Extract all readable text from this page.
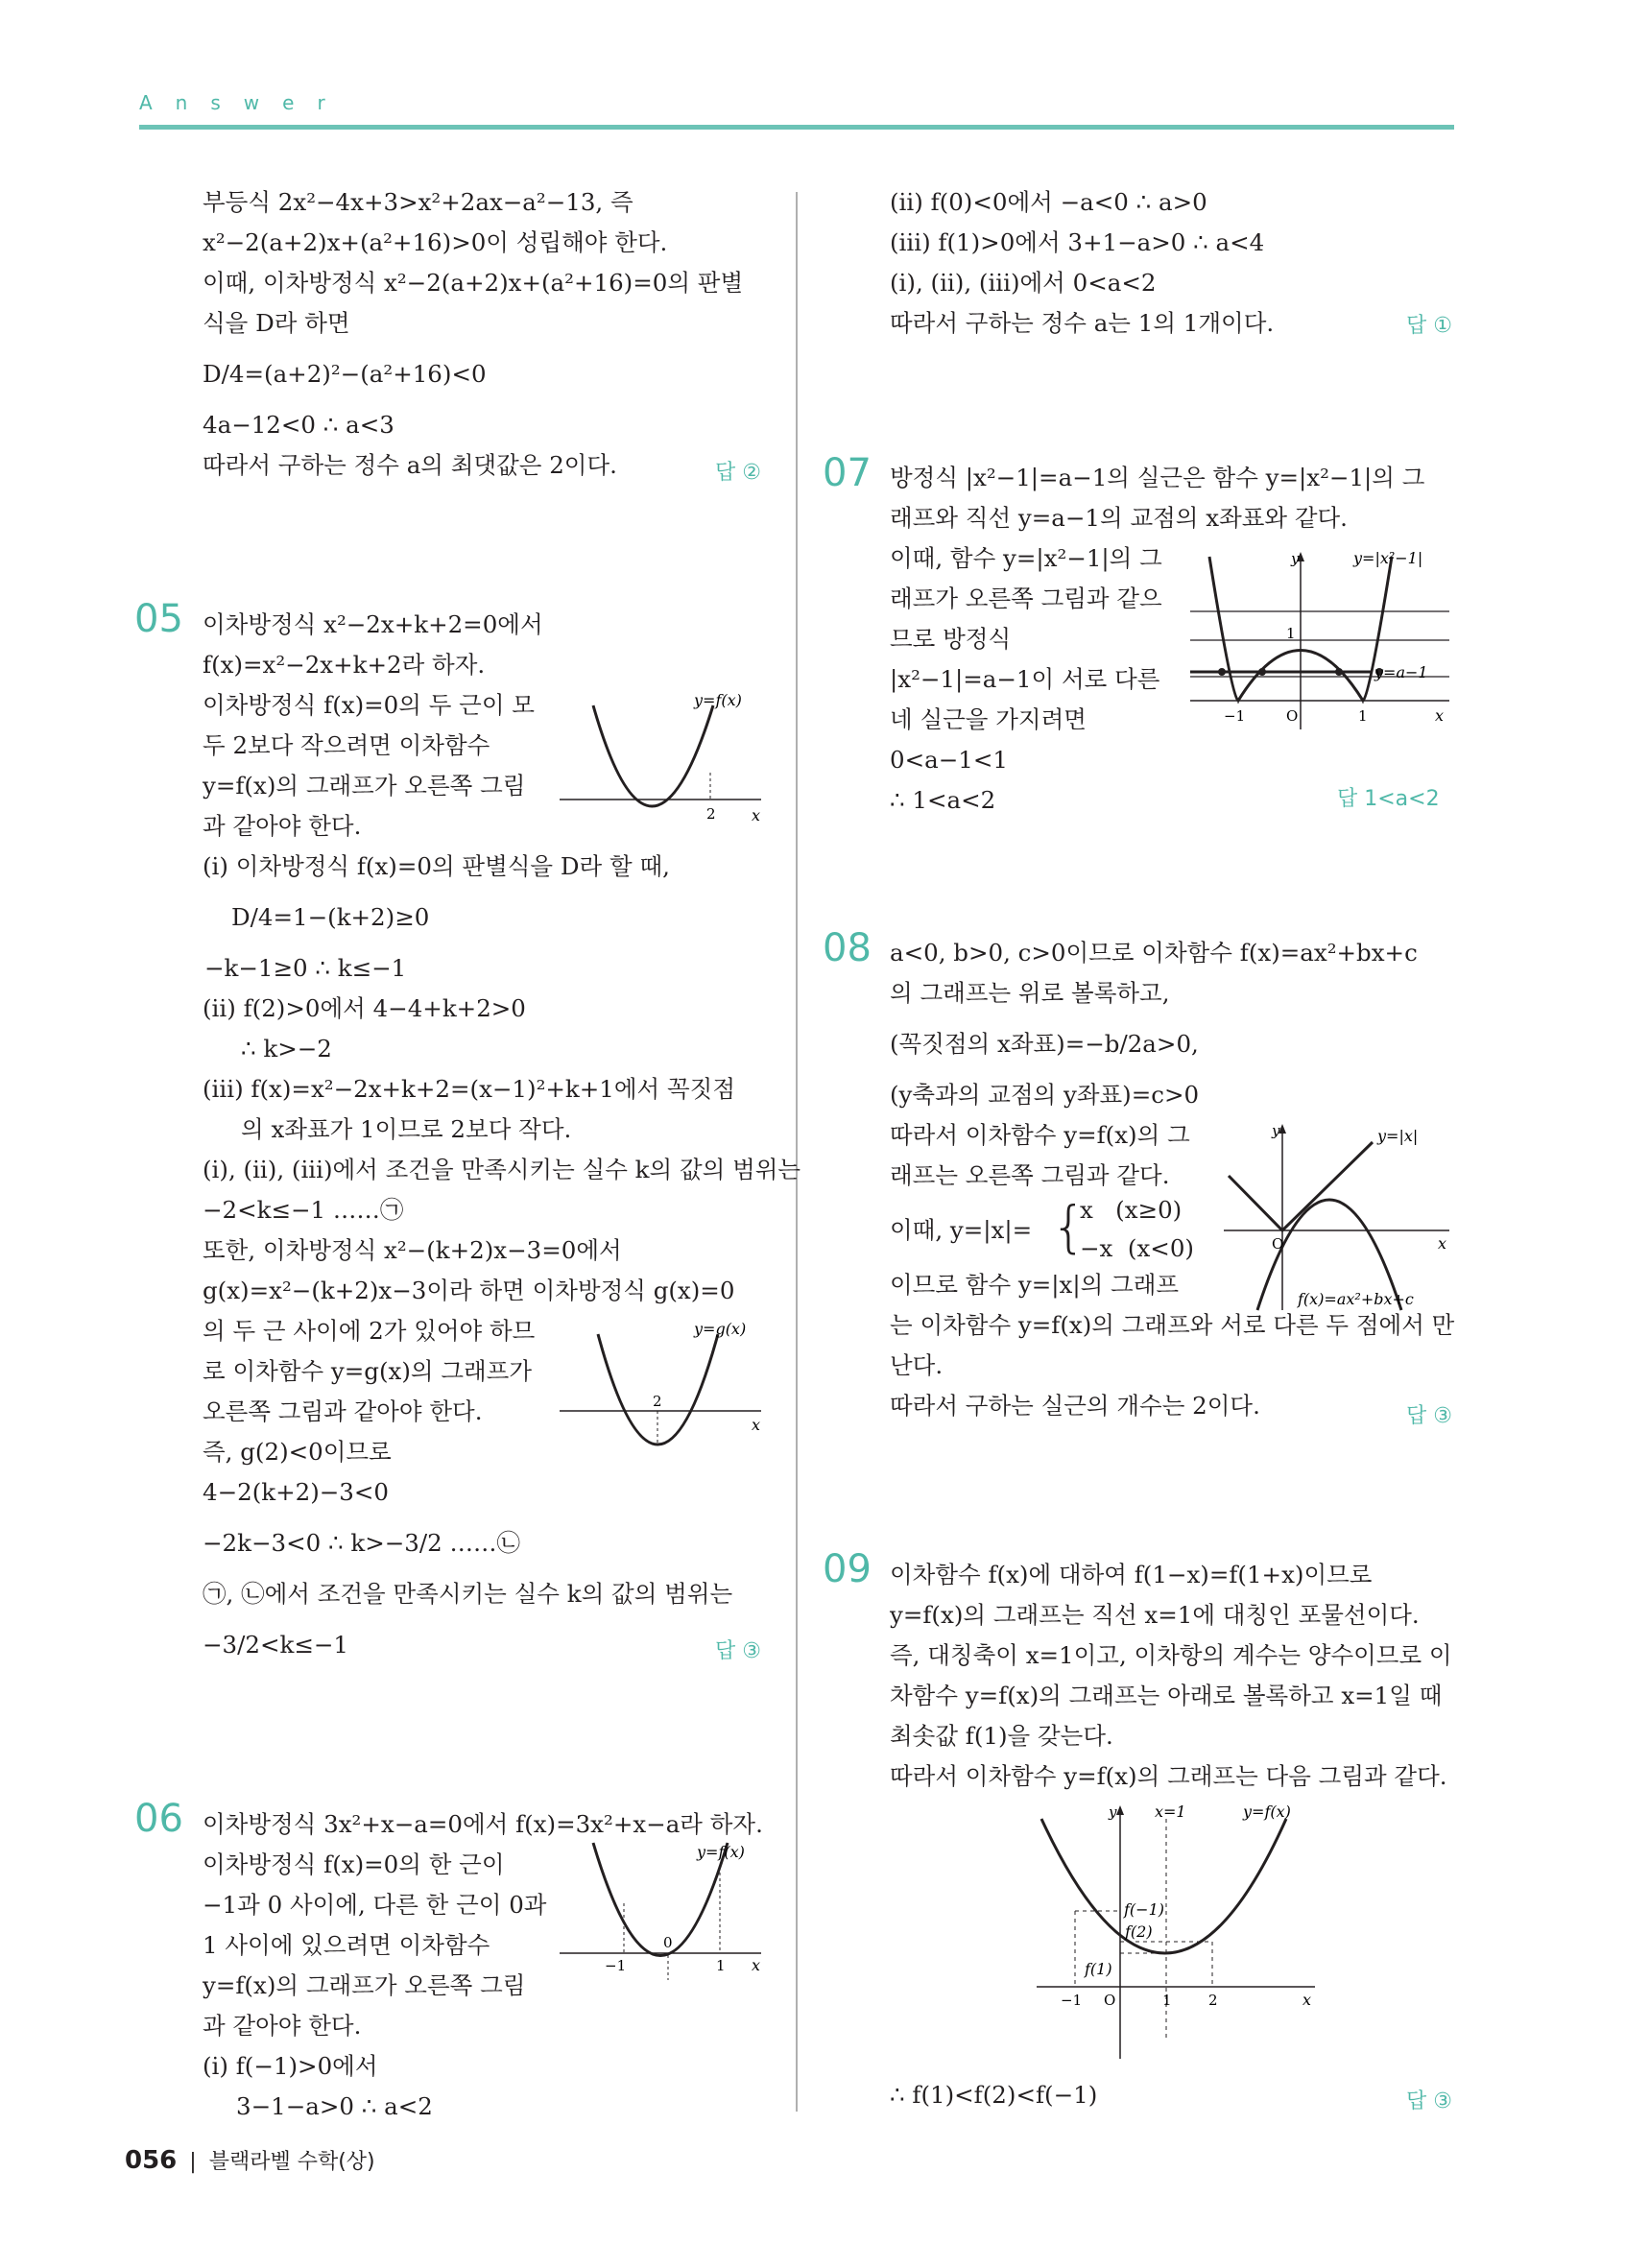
Answer
부등식 2x²−4x+3>x²+2ax−a²−13, 즉
x²−2(a+2)x+(a²+16)>0이 성립해야 한다.
이때, 이차방정식 x²−2(a+2)x+(a²+16)=0의 판별
식을 D라 하면
D/4=(a+2)²−(a²+16)<0
4a−12<0 ∴ a<3
따라서 구하는 정수 a의 최댓값은 2이다.	답 ②
05 이차방정식 x²−2x+k+2=0에서
f(x)=x²−2x+k+2라 하자.
이차방정식 f(x)=0의 두 근이 모
두 2보다 작으려면 이차함수
y=f(x)의 그래프가 오른쪽 그림
과 같아야 한다.
(i) 이차방정식 f(x)=0의 판별식을 D라 할 때,
D/4=1−(k+2)≥0
−k−1≥0 ∴ k≤−1
(ii) f(2)>0에서 4−4+k+2>0
∴ k>−2
(iii) f(x)=x²−2x+k+2=(x−1)²+k+1에서 꼭짓점
의 x좌표가 1이므로 2보다 작다.
(i), (ii), (iii)에서 조건을 만족시키는 실수 k의 값의 범위는
−2<k≤−1 ……㉠
또한, 이차방정식 x²−(k+2)x−3=0에서
g(x)=x²−(k+2)x−3이라 하면 이차방정식 g(x)=0
의 두 근 사이에 2가 있어야 하므
로 이차함수 y=g(x)의 그래프가
오른쪽 그림과 같아야 한다.
즉, g(2)<0이므로
4−2(k+2)−3<0
−2k−3<0 ∴ k>−3/2 ……㉡
㉠, ㉡에서 조건을 만족시키는 실수 k의 값의 범위는
−3/2<k≤−1	답 ③
y=f(x)
2 x
y=g(x)
2
x
06 이차방정식 3x²+x−a=0에서 f(x)=3x²+x−a라 하자.
이차방정식 f(x)=0의 한 근이
−1과 0 사이에, 다른 한 근이 0과
1 사이에 있으려면 이차함수
y=f(x)의 그래프가 오른쪽 그림
과 같아야 한다.
(i) f(−1)>0에서
3−1−a>0 ∴ a<2
y=f(x)
−1
0
1 x
(ii) f(0)<0에서 −a<0 ∴ a>0
(iii) f(1)>0에서 3+1−a>0 ∴ a<4
(i), (ii), (iii)에서 0<a<2
따라서 구하는 정수 a는 1의 1개이다.	답 ①
07 방정식 |x²−1|=a−1의 실근은 함수 y=|x²−1|의 그
래프와 직선 y=a−1의 교점의 x좌표와 같다.
이때, 함수 y=|x²−1|의 그
래프가 오른쪽 그림과 같으
므로 방정식
|x²−1|=a−1이 서로 다른
네 실근을 가지려면
0<a−1<1
∴ 1<a<2	답 1<a<2
y	y=|x²−1|
1
y=a−1
−1	O	1	x
08 a<0, b>0, c>0이므로 이차함수 f(x)=ax²+bx+c
의 그래프는 위로 볼록하고,
(꼭짓점의 x좌표)=−b/2a>0,
(y축과의 교점의 y좌표)=c>0
따라서 이차함수 y=f(x)의 그
래프는 오른쪽 그림과 같다.
이때, y=|x|= {
x   (x≥0)
−x  (x<0)
이므로 함수 y=|x|의 그래프
는 이차함수 y=f(x)의 그래프와 서로 다른 두 점에서 만
난다.
따라서 구하는 실근의 개수는 2이다.	답 ③
y	y=|x|
O	x
f(x)=ax²+bx+c
09 이차함수 f(x)에 대하여 f(1−x)=f(1+x)이므로
y=f(x)의 그래프는 직선 x=1에 대칭인 포물선이다.
즉, 대칭축이 x=1이고, 이차항의 계수는 양수이므로 이
차함수 y=f(x)의 그래프는 아래로 볼록하고 x=1일 때
최솟값 f(1)을 갖는다.
따라서 이차함수 y=f(x)의 그래프는 다음 그림과 같다.
∴ f(1)<f(2)<f(−1)	답 ③
y x=1	y=f(x)
f(−1)
f(2)
f(1)
−1 O	1	2	x
056 | 블랙라벨 수학(상)
